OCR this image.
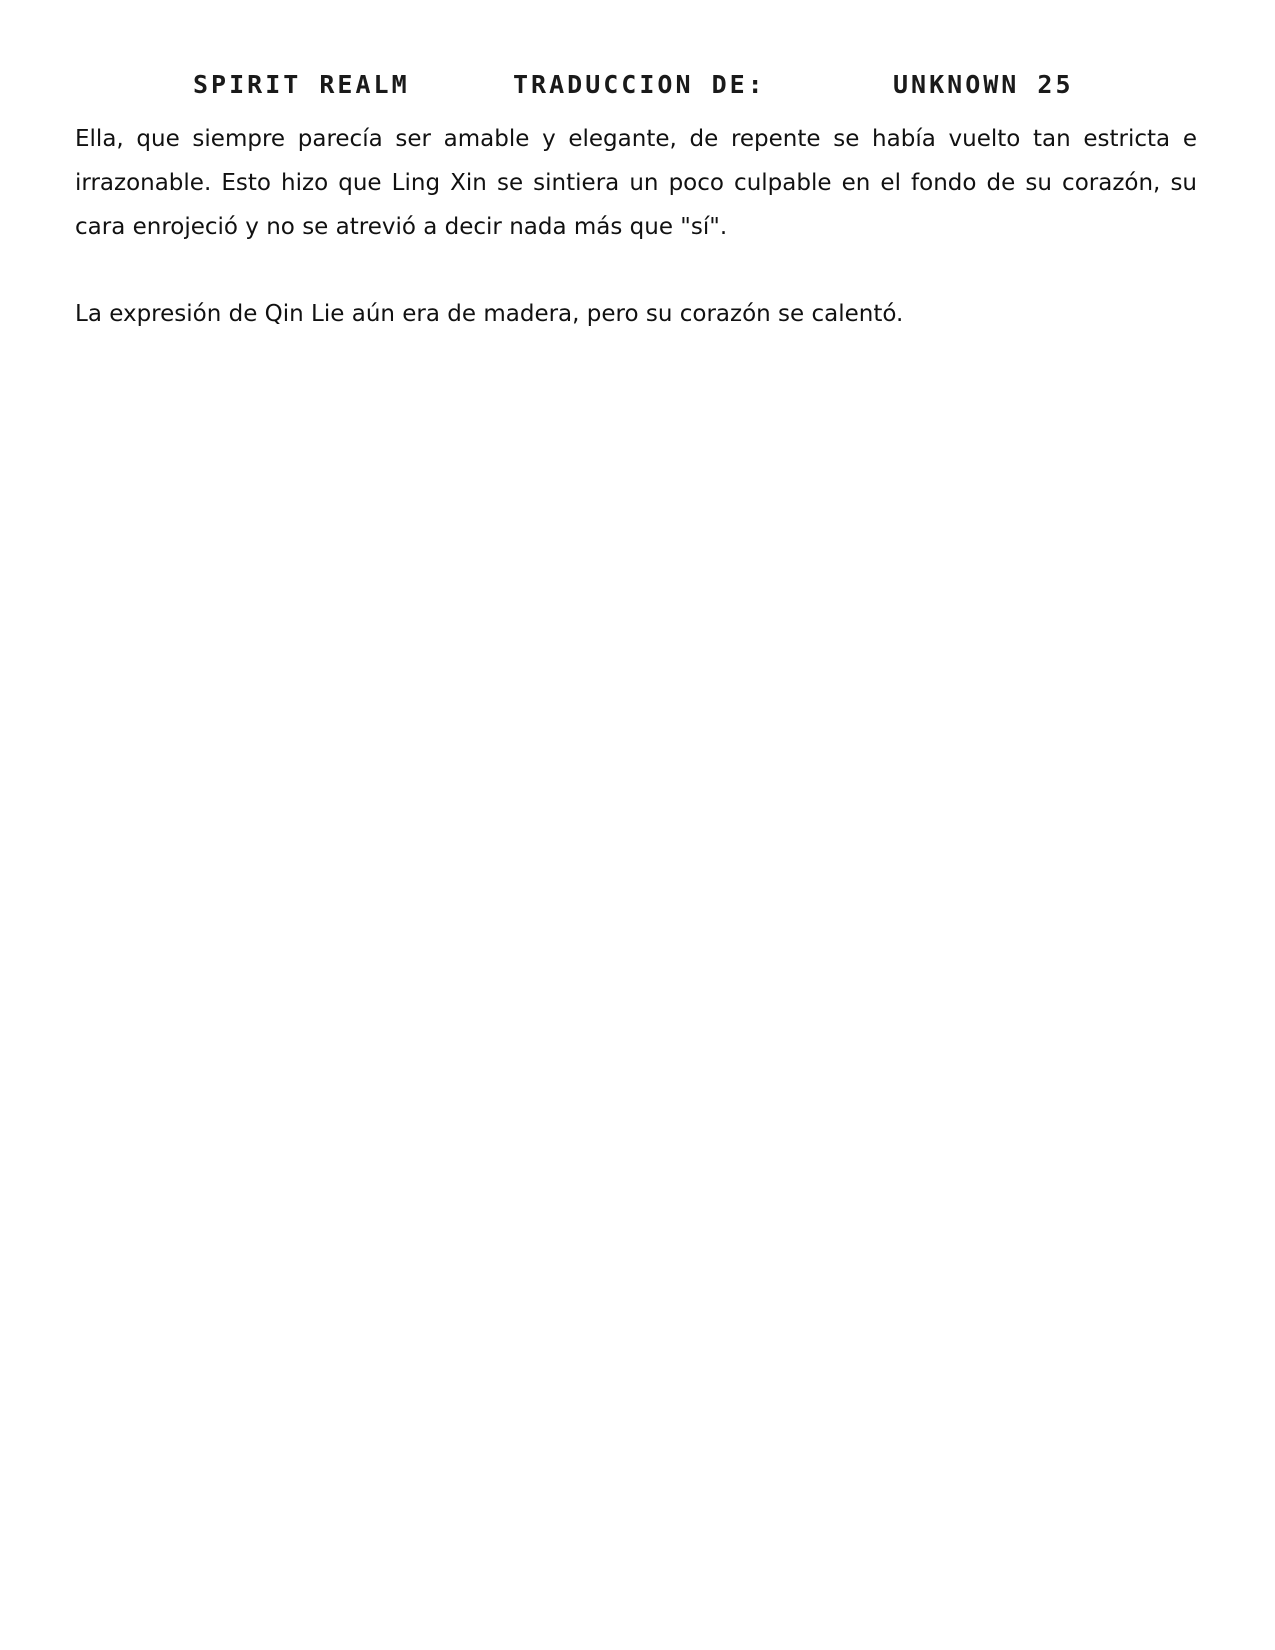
SPIRIT REALM	TRADUCCION DE:	UNKNOWN 25

Ella, que siempre parecía ser amable y elegante, de repente se había vuelto tan estricta e irrazonable. Esto hizo que Ling Xin se sintiera un poco culpable en el fondo de su corazón, su cara enrojeció y no se atrevió a decir nada más que "sí".

La expresión de Qin Lie aún era de madera, pero su corazón se calentó.
